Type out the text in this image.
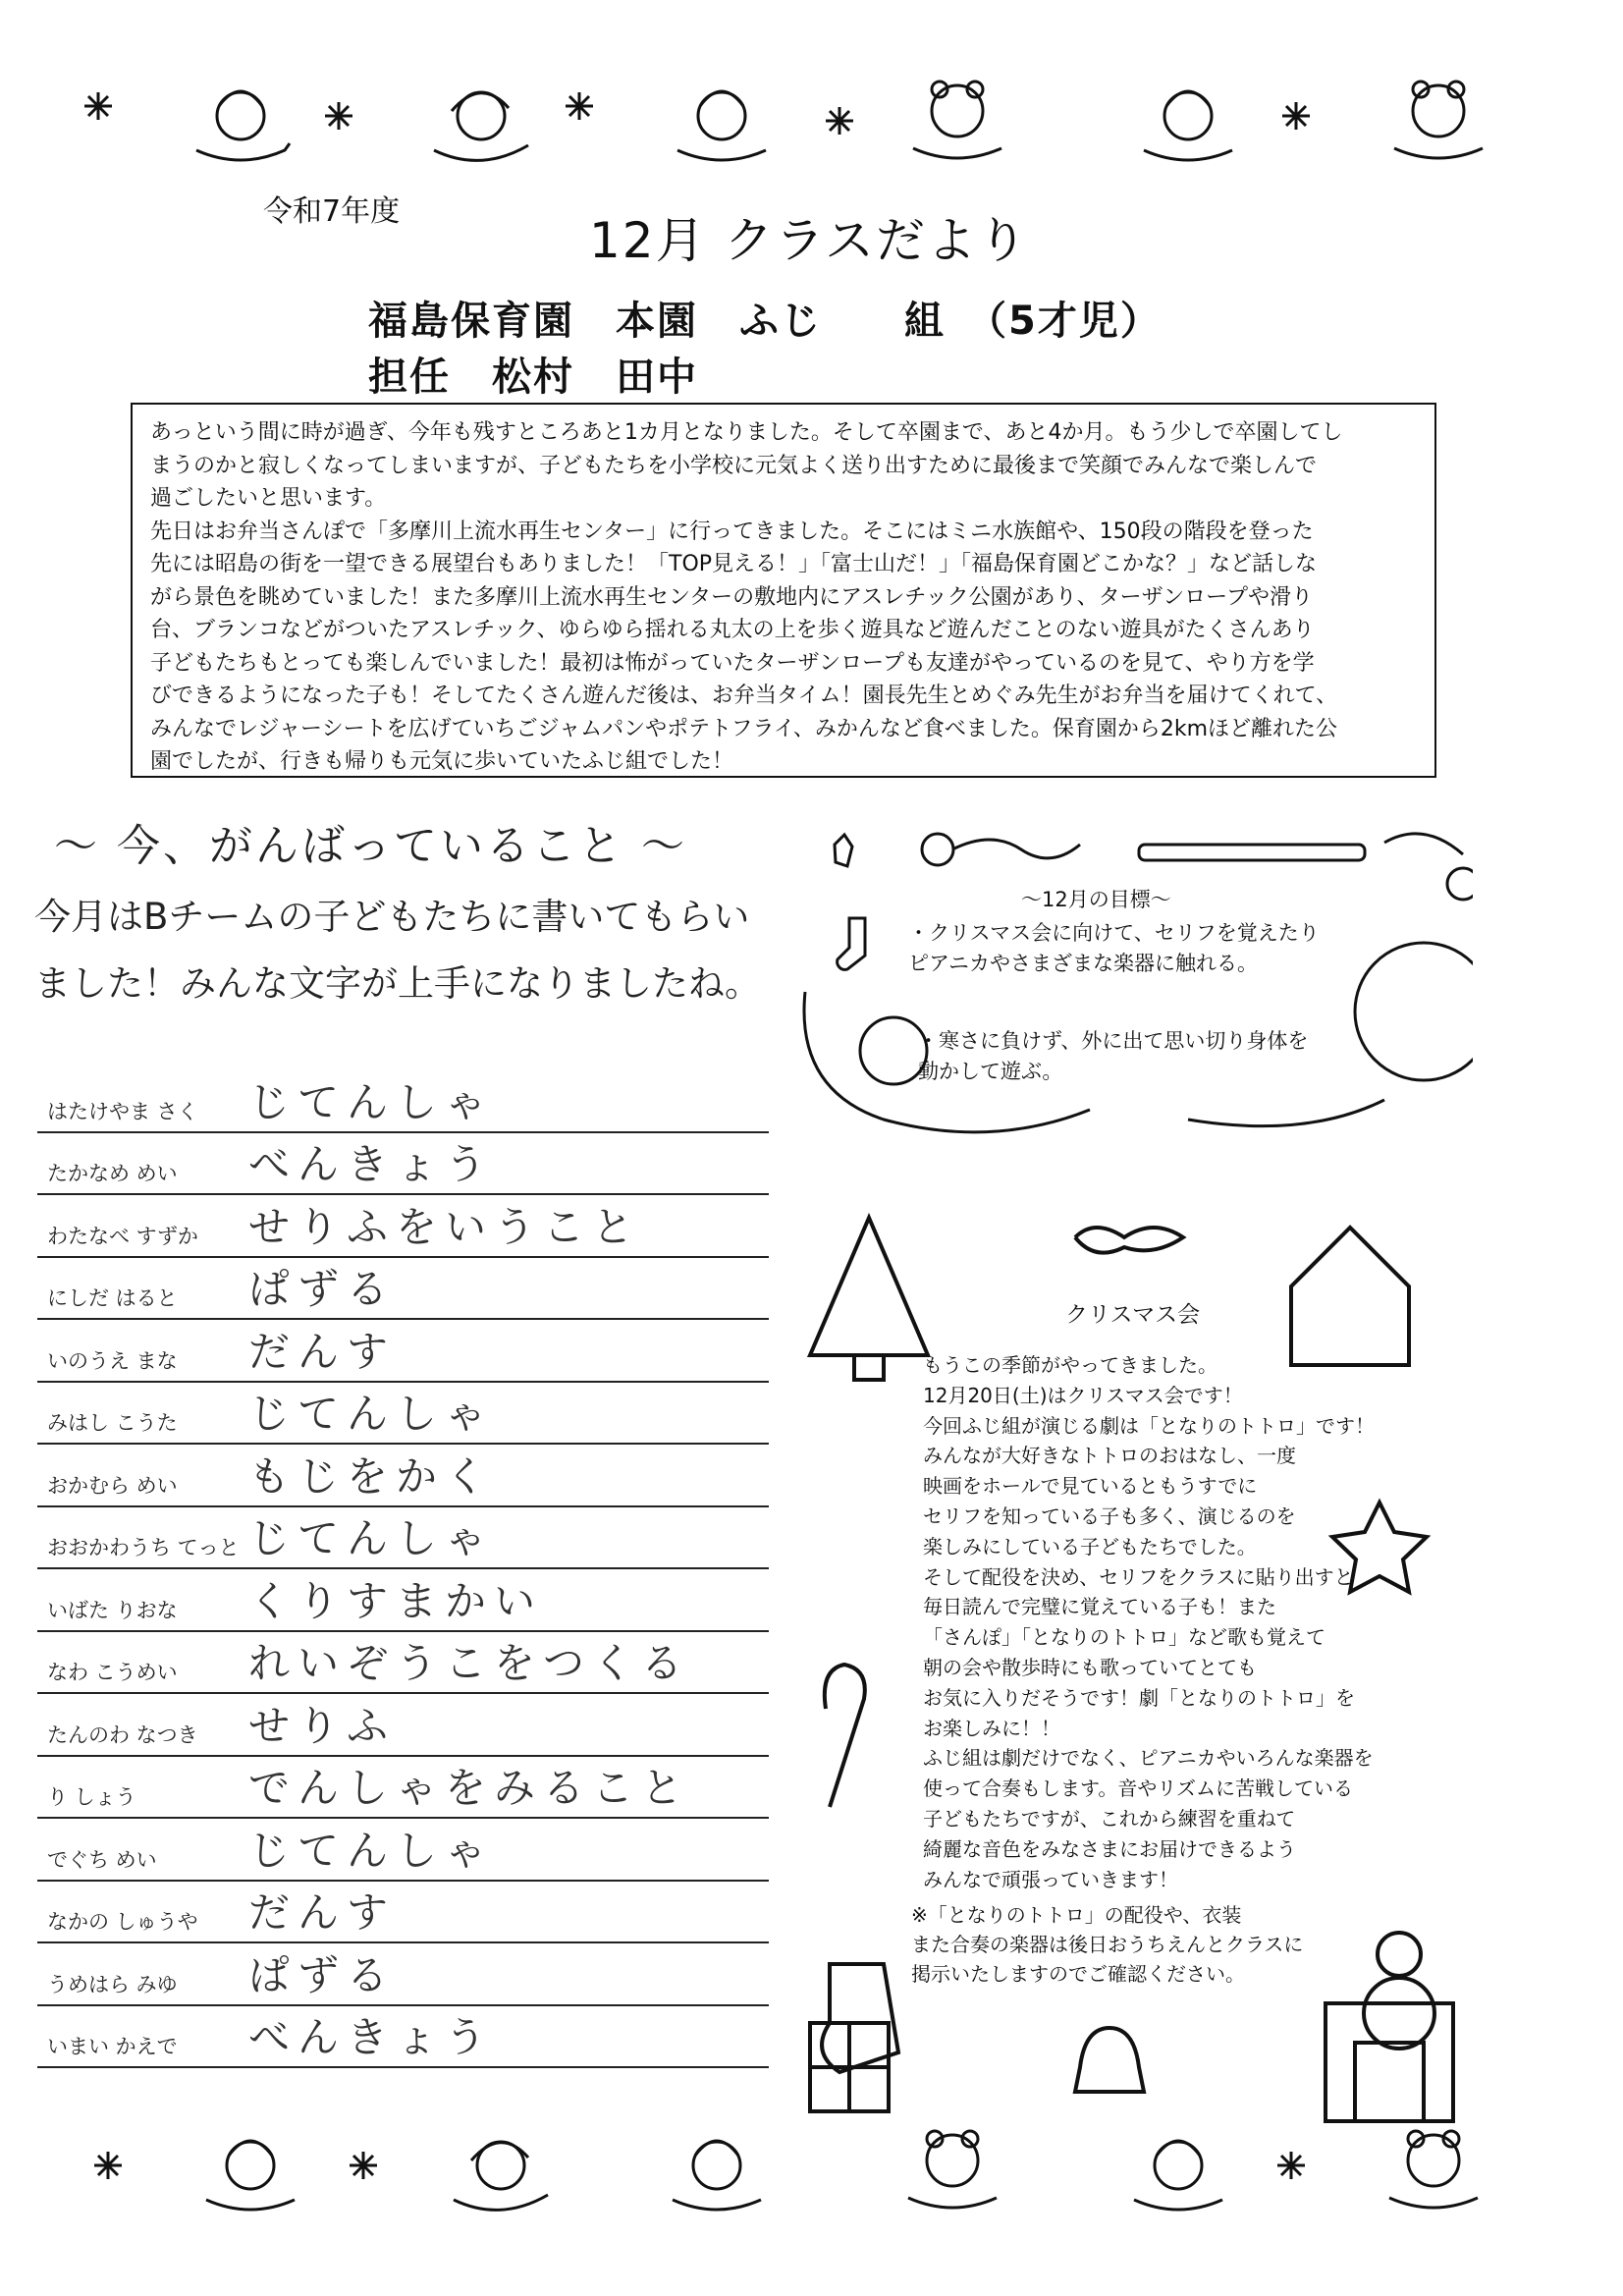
令和7年度
12月 クラスだより
福島保育園　本園　ふじ　　組　（5才児）
担任　松村　田中

あっという間に時が過ぎ、今年も残すところあと1カ月となりました。そして卒園まで、あと4か月。もう少しで卒園してし

まうのかと寂しくなってしまいますが、子どもたちを小学校に元気よく送り出すために最後まで笑顔でみんなで楽しんで

過ごしたいと思います。

先日はお弁当さんぽで「多摩川上流水再生センター」に行ってきました。そこにはミニ水族館や、150段の階段を登った

先には昭島の街を一望できる展望台もありました！「TOP見える！」「富士山だ！」「福島保育園どこかな？」など話しな

がら景色を眺めていました！また多摩川上流水再生センターの敷地内にアスレチック公園があり、ターザンロープや滑り

台、ブランコなどがついたアスレチック、ゆらゆら揺れる丸太の上を歩く遊具など遊んだことのない遊具がたくさんあり

子どもたちもとっても楽しんでいました！最初は怖がっていたターザンロープも友達がやっているのを見て、やり方を学

びできるようになった子も！そしてたくさん遊んだ後は、お弁当タイム！園長先生とめぐみ先生がお弁当を届けてくれて、

みんなでレジャーシートを広げていちごジャムパンやポテトフライ、みかんなど食べました。保育園から2kmほど離れた公

園でしたが、行きも帰りも元気に歩いていたふじ組でした！

〜 今、がんばっていること 〜
今月はBチームの子どもたちに書いてもらい
ました！みんな文字が上手になりましたね。
はたけやま さく じてんしゃ
たかなめ めい べんきょう
わたなべ すずか せりふをいうこと
にしだ はると ぱずる
いのうえ まな だんす
みはし こうた じてんしゃ
おかむら めい もじをかく
おおかわうち てっと じてんしゃ
いばた りおな くりすまかい
なわ こうめい れいぞうこをつくる
たんのわ なつき せりふ
り しょう	でんしゃをみること
でぐち めい じてんしゃ
なかの しゅうや だんす
うめはら みゆ ぱずる
いまい かえで べんきょう
〜12月の目標〜

・クリスマス会に向けて、セリフを覚えたり
ピアニカやさまざまな楽器に触れる。

・寒さに負けず、外に出て思い切り身体を
動かして遊ぶ。

クリスマス会

もうこの季節がやってきました。

12月20日(土)はクリスマス会です！

今回ふじ組が演じる劇は「となりのトトロ」です！

みんなが大好きなトトロのおはなし、一度

映画をホールで見ているともうすでに

セリフを知っている子も多く、演じるのを

楽しみにしている子どもたちでした。

そして配役を決め、セリフをクラスに貼り出すと

毎日読んで完璧に覚えている子も！また

「さんぽ」「となりのトトロ」など歌も覚えて

朝の会や散歩時にも歌っていてとても

お気に入りだそうです！劇「となりのトトロ」を

お楽しみに！！

ふじ組は劇だけでなく、ピアニカやいろんな楽器を

使って合奏もします。音やリズムに苦戦している

子どもたちですが、これから練習を重ねて

綺麗な音色をみなさまにお届けできるよう

みんなで頑張っていきます！

※「となりのトトロ」の配役や、衣装

また合奏の楽器は後日おうちえんとクラスに

掲示いたしますのでご確認ください。
